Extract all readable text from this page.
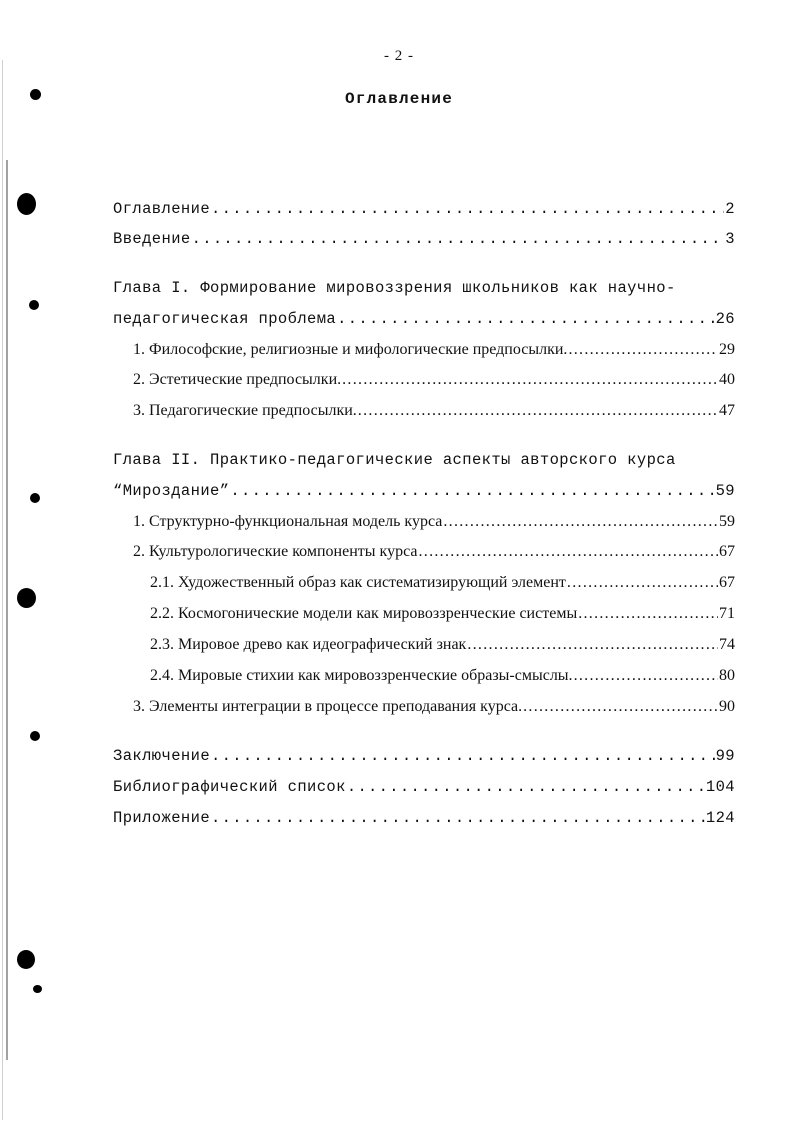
- 2 -
Оглавление
Оглавление .....	2
Введение .....	3
Глава I. Формирование мировоззрения школьников как научно-
педагогическая проблема .....	26
1. Философские, религиозные и мифологические предпосылки. .....	29
2. Эстетические предпосылки. .....	40
3. Педагогические предпосылки. .....	47
Глава II. Практико-педагогические аспекты авторского курса
“Мироздание” .....	59
1. Структурно-функциональная модель курса .....	59
2. Культурологические компоненты курса .....	67
2.1. Художественный образ как систематизирующий элемент .....	67
2.2. Космогонические модели как мировоззренческие системы .....	71
2.3. Мировое древо как идеографический знак .....	74
2.4. Мировые стихии как мировоззренческие образы-смыслы. .....	80
3. Элементы интеграции в процессе преподавания курса. .....	90
Заключение .....	99
Библиографический список .....	104
Приложение .....	124
